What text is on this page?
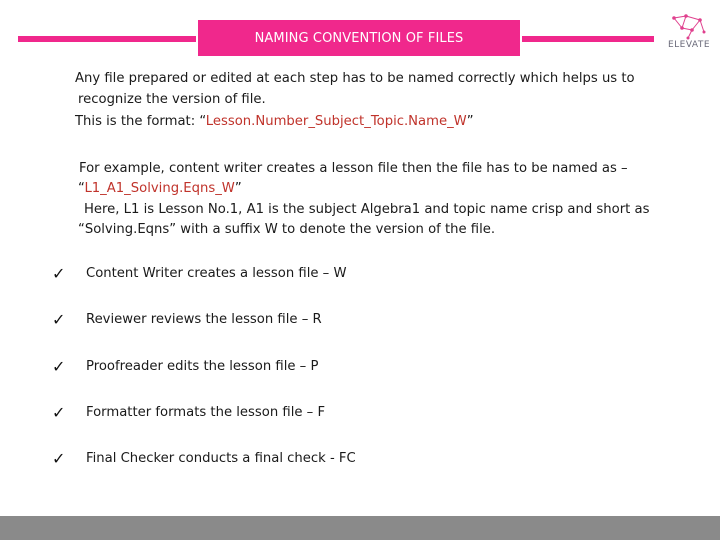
NAMING CONVENTION OF FILES	ELEVATE
Any file prepared or edited at each step has to be named correctly which helps us to
recognize the version of file.
This is the format: “Lesson.Number_Subject_Topic.Name_W”
For example, content writer creates a lesson file then the file has to be named as –
“L1_A1_Solving.Eqns_W”
Here, L1 is Lesson No.1, A1 is the subject Algebra1 and topic name crisp and short as
“Solving.Eqns” with a suffix W to denote the version of the file.
✓ Content Writer creates a lesson file – W
✓ Reviewer reviews the lesson file – R
✓ Proofreader edits the lesson file – P
✓ Formatter formats the lesson file – F
✓ Final Checker conducts a final check - FC
